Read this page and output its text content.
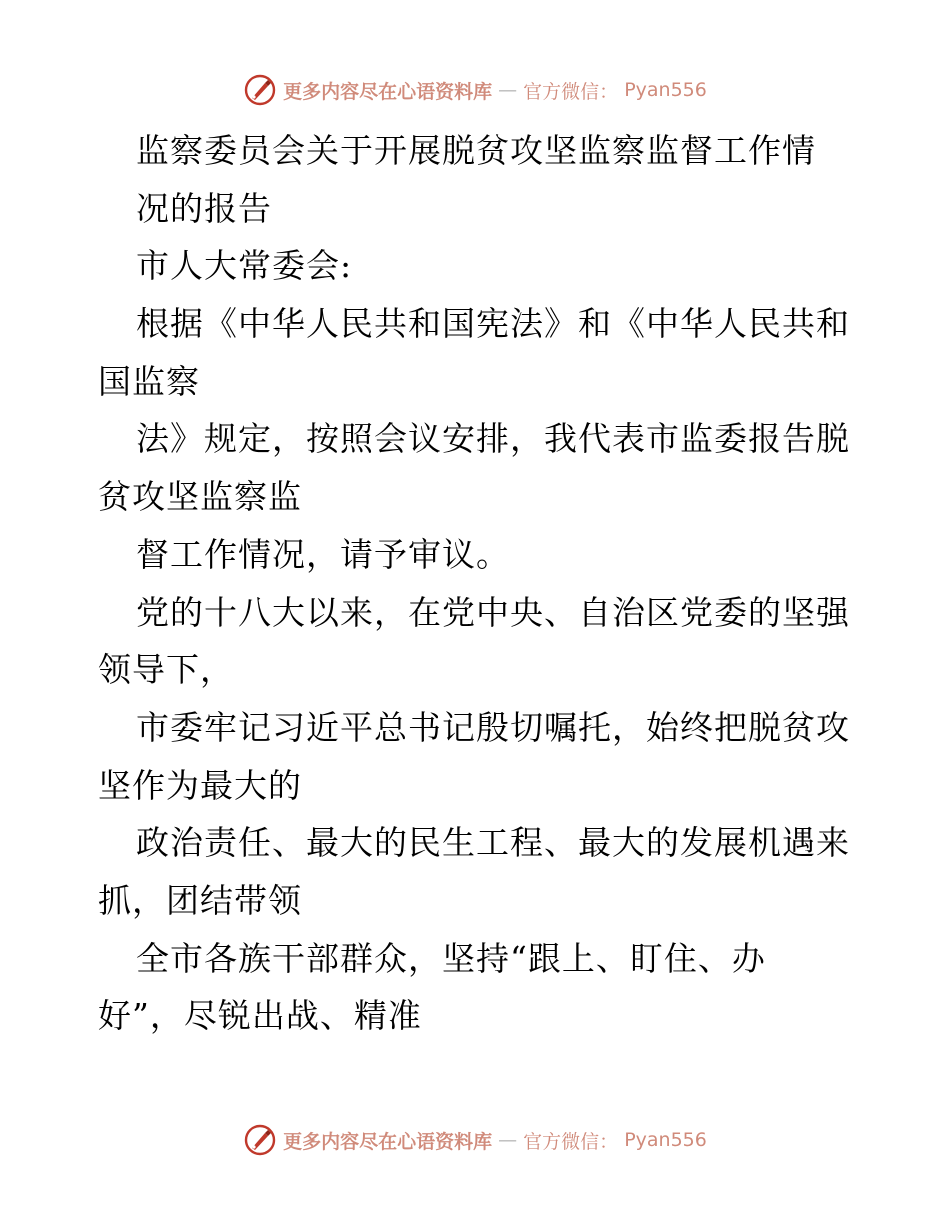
更多内容尽在心语资料库 — 官方微信： Pyan556
监察委员会关于开展脱贫攻坚监察监督工作情
况的报告
市人大常委会:
根据《中华人民共和国宪法》和《中华人民共和
国监察
法》规定，按照会议安排，我代表市监委报告脱
贫攻坚监察监
督工作情况，请予审议。
党的十八大以来，在党中央、自治区党委的坚强
领导下，
市委牢记习近平总书记殷切嘱托，始终把脱贫攻
坚作为最大的
政治责任、最大的民生工程、最大的发展机遇来
抓，团结带领
全市各族干部群众，坚持“跟上、盯住、办
好”，尽锐出战、精准
更多内容尽在心语资料库 — 官方微信： Pyan556
